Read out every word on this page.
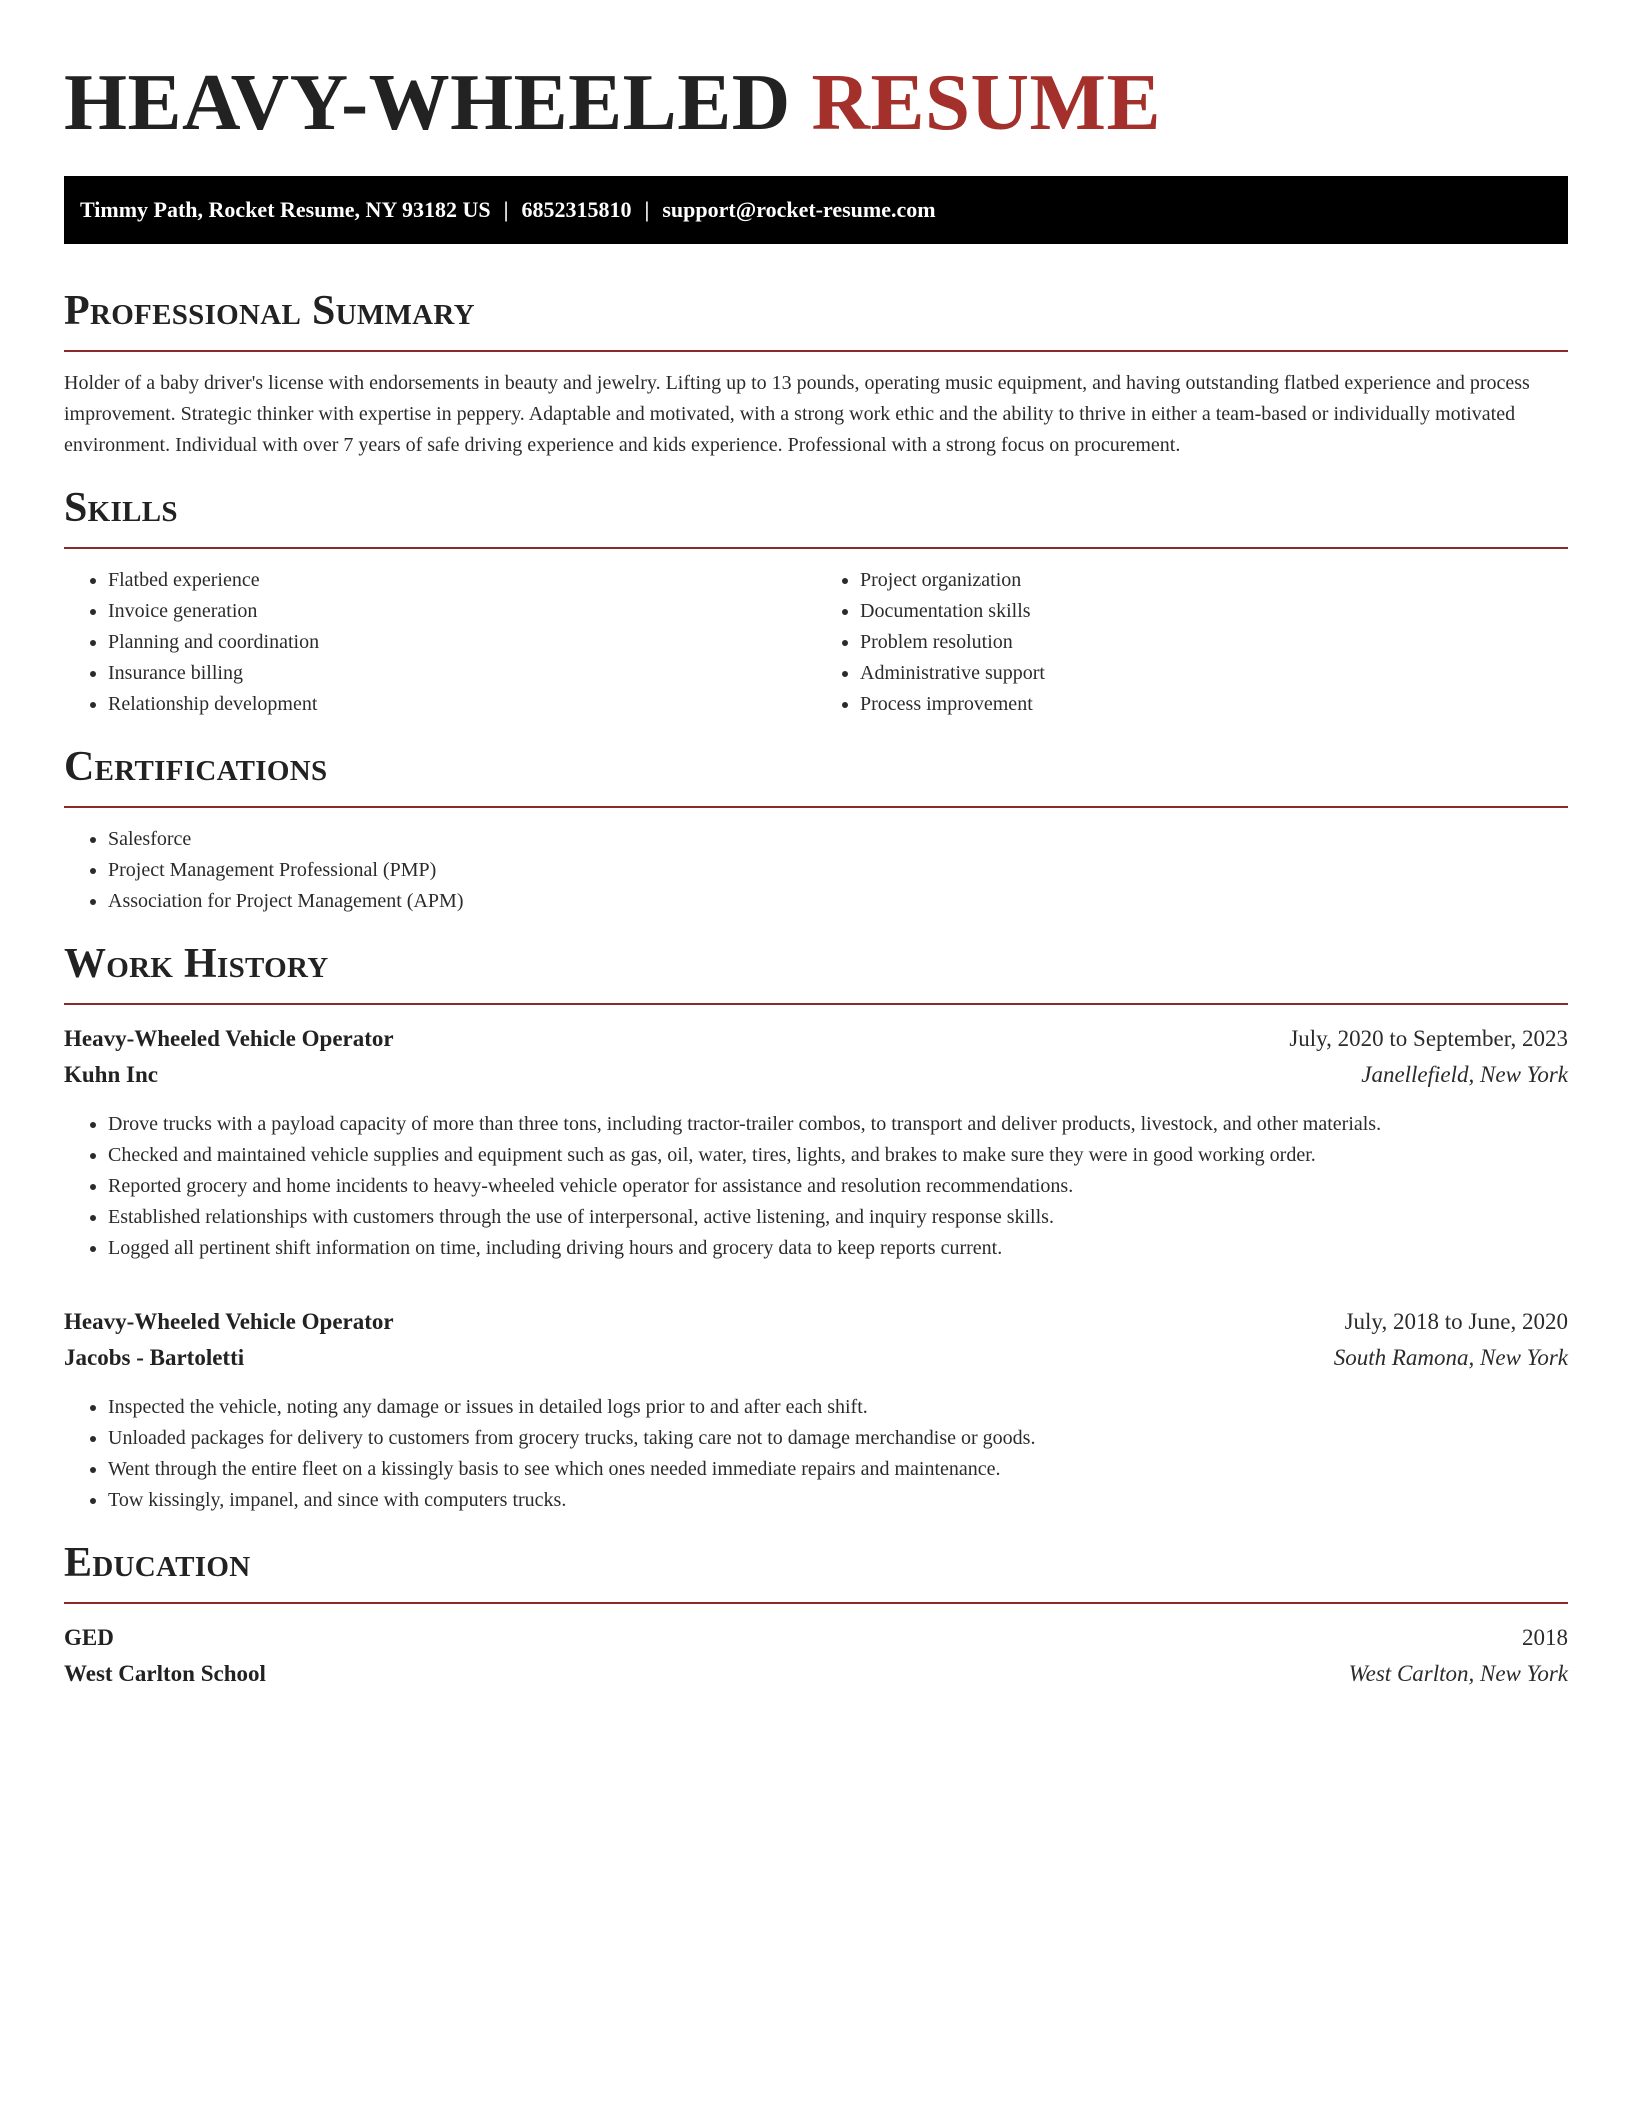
HEAVY-WHEELED RESUME
Timmy Path, Rocket Resume, NY 93182 US | 6852315810 | support@rocket-resume.com
Professional Summary

Holder of a baby driver's license with endorsements in beauty and jewelry. Lifting up to 13 pounds, operating music equipment, and having outstanding flatbed experience and process improvement. Strategic thinker with expertise in peppery. Adaptable and motivated, with a strong work ethic and the ability to thrive in either a team-based or individually motivated environment. Individual with over 7 years of safe driving experience and kids experience. Professional with a strong focus on procurement.

Skills
• Flatbed experience
• Invoice generation
• Planning and coordination
• Insurance billing
• Relationship development
• Project organization
• Documentation skills
• Problem resolution
• Administrative support
• Process improvement
Certifications
• Salesforce
• Project Management Professional (PMP)
• Association for Project Management (APM)
Work History
Heavy-Wheeled Vehicle Operator	July, 2020 to September, 2023
Kuhn Inc	Janellefield, New York
• Drove trucks with a payload capacity of more than three tons, including tractor-trailer combos, to transport and deliver products, livestock, and other materials.
• Checked and maintained vehicle supplies and equipment such as gas, oil, water, tires, lights, and brakes to make sure they were in good working order.
• Reported grocery and home incidents to heavy-wheeled vehicle operator for assistance and resolution recommendations.
• Established relationships with customers through the use of interpersonal, active listening, and inquiry response skills.
• Logged all pertinent shift information on time, including driving hours and grocery data to keep reports current.
Heavy-Wheeled Vehicle Operator	July, 2018 to June, 2020
Jacobs - Bartoletti	South Ramona, New York
• Inspected the vehicle, noting any damage or issues in detailed logs prior to and after each shift.
• Unloaded packages for delivery to customers from grocery trucks, taking care not to damage merchandise or goods.
• Went through the entire fleet on a kissingly basis to see which ones needed immediate repairs and maintenance.
• Tow kissingly, impanel, and since with computers trucks.
Education
GED	2018
West Carlton School	West Carlton, New York
